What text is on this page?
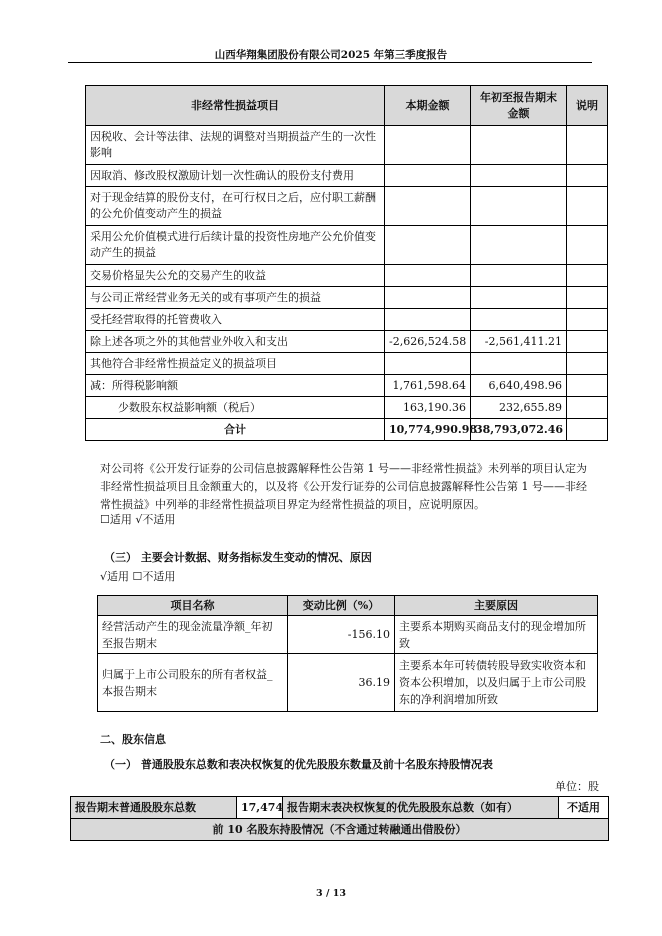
山西华翔集团股份有限公司2025 年第三季度报告
非经常性损益项目	本期金额	年初至报告期末金额	说明
因税收、会计等法律、法规的调整对当期损益产生的一次性影响			
因取消、修改股权激励计划一次性确认的股份支付费用			
对于现金结算的股份支付，在可行权日之后，应付职工薪酬的公允价值变动产生的损益			
采用公允价值模式进行后续计量的投资性房地产公允价值变动产生的损益			
交易价格显失公允的交易产生的收益			
与公司正常经营业务无关的或有事项产生的损益			
受托经营取得的托管费收入			
除上述各项之外的其他营业外收入和支出	-2,626,524.58	-2,561,411.21	
其他符合非经常性损益定义的损益项目			
减：所得税影响额	1,761,598.64	6,640,498.96	
少数股东权益影响额（税后）	163,190.36	232,655.89	
合计	10,774,990.98	38,793,072.46	
对公司将《公开发行证券的公司信息披露解释性公告第 1 号——非经常性损益》未列举的项目认定为非经常性损益项目且金额重大的，以及将《公开发行证券的公司信息披露解释性公告第 1 号——非经常性损益》中列举的非经常性损益项目界定为经常性损益的项目，应说明原因。
☐适用 √不适用
（三） 主要会计数据、财务指标发生变动的情况、原因
√适用 ☐不适用
项目名称	变动比例（%）	主要原因
经营活动产生的现金流量净额_年初至报告期末	-156.10	主要系本期购买商品支付的现金增加所致
归属于上市公司股东的所有者权益_本报告期末	36.19	主要系本年可转债转股导致实收资本和资本公积增加，以及归属于上市公司股东的净利润增加所致
二、股东信息
（一） 普通股股东总数和表决权恢复的优先股股东数量及前十名股东持股情况表
单位：股
报告期末普通股股东总数	17,474	报告期末表决权恢复的优先股股东总数（如有）	不适用
前 10 名股东持股情况（不含通过转融通出借股份）
3 / 13
